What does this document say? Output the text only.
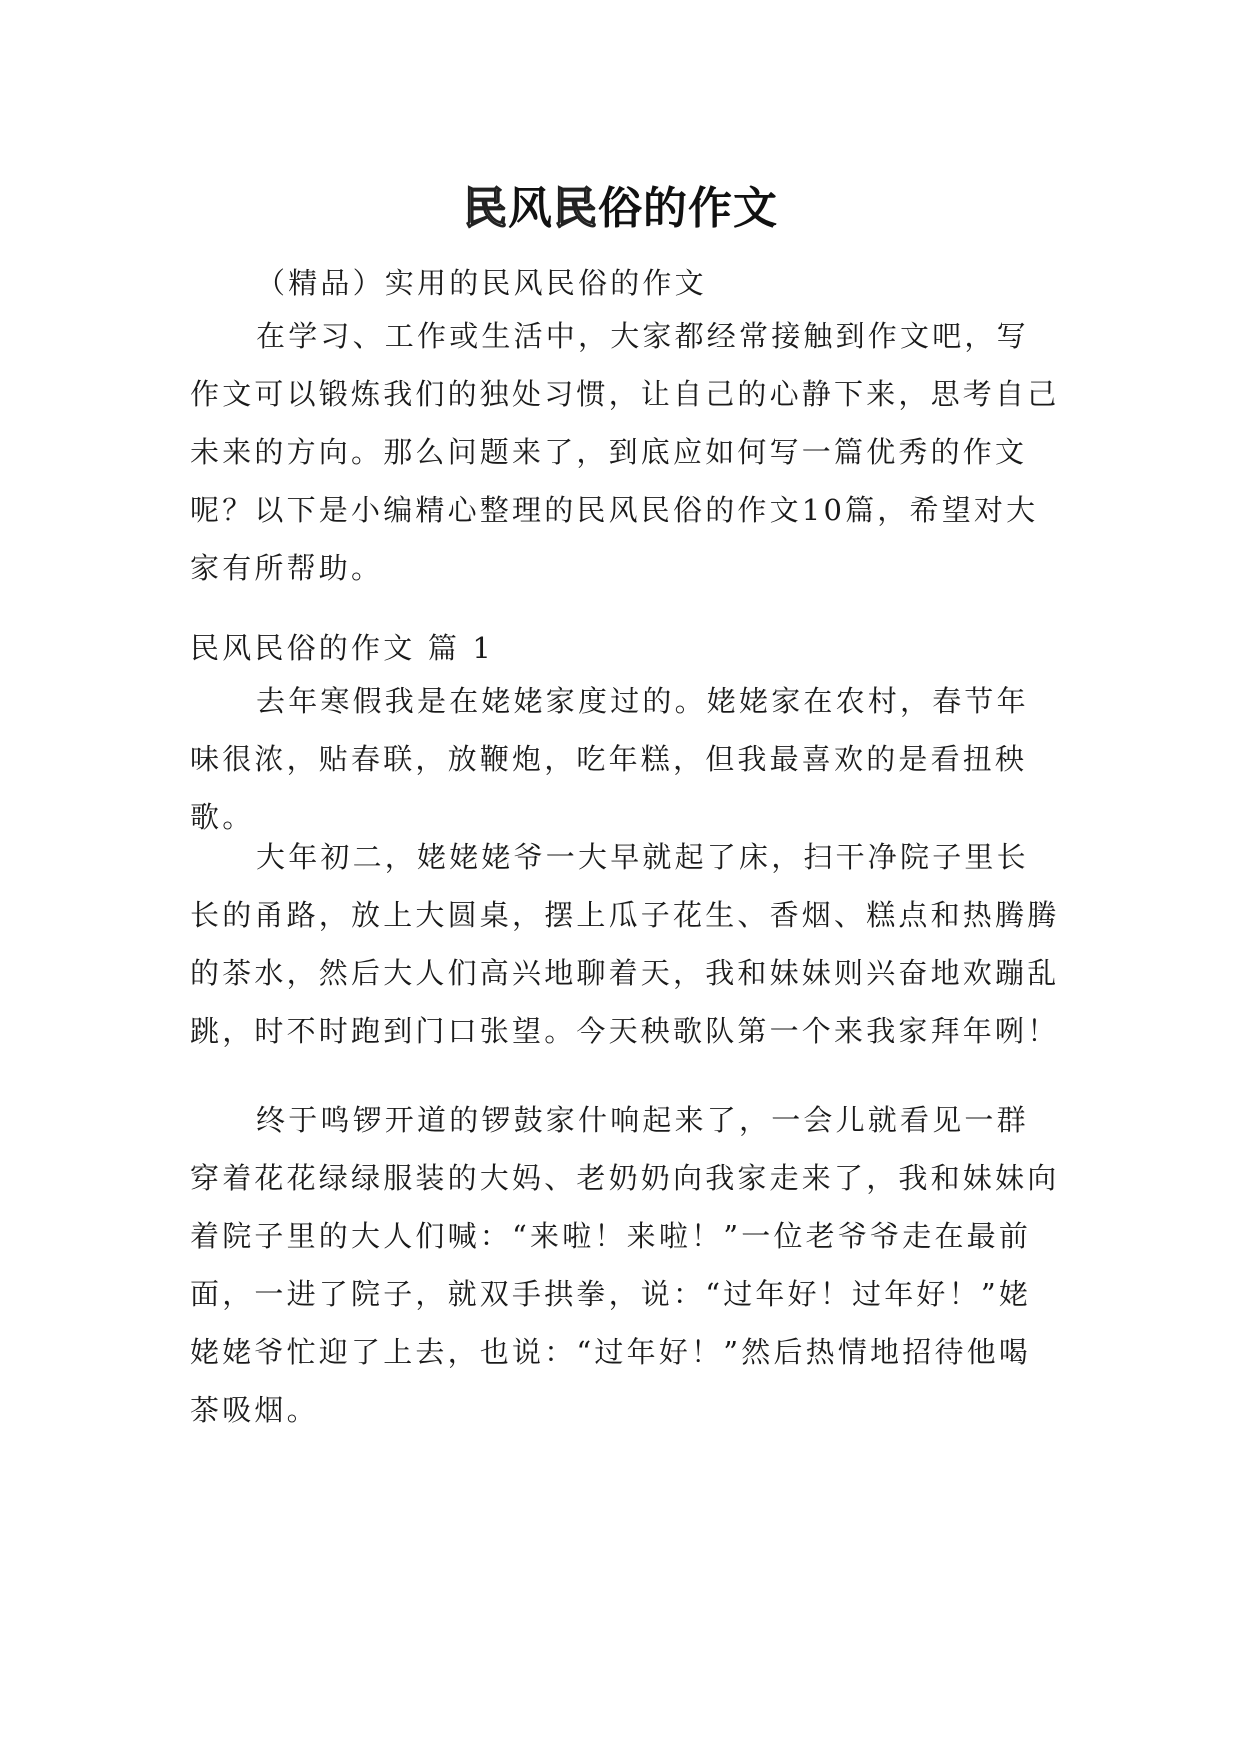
民风民俗的作文

（精品）实用的民风民俗的作文

在学习、工作或生活中，大家都经常接触到作文吧，写作文可以锻炼我们的独处习惯，让自己的心静下来，思考自己未来的方向。那么问题来了，到底应如何写一篇优秀的作文呢？以下是小编精心整理的民风民俗的作文10篇，希望对大家有所帮助。

民风民俗的作文 篇 1

去年寒假我是在姥姥家度过的。姥姥家在农村，春节年味很浓，贴春联，放鞭炮，吃年糕，但我最喜欢的是看扭秧歌。

大年初二，姥姥姥爷一大早就起了床，扫干净院子里长长的甬路，放上大圆桌，摆上瓜子花生、香烟、糕点和热腾腾的茶水，然后大人们高兴地聊着天，我和妹妹则兴奋地欢蹦乱跳，时不时跑到门口张望。今天秧歌队第一个来我家拜年咧！

终于鸣锣开道的锣鼓家什响起来了，一会儿就看见一群穿着花花绿绿服装的大妈、老奶奶向我家走来了，我和妹妹向着院子里的大人们喊：“来啦！来啦！”一位老爷爷走在最前面，一进了院子，就双手拱拳，说：“过年好！过年好！”姥姥姥爷忙迎了上去，也说：“过年好！”然后热情地招待他喝茶吸烟。
